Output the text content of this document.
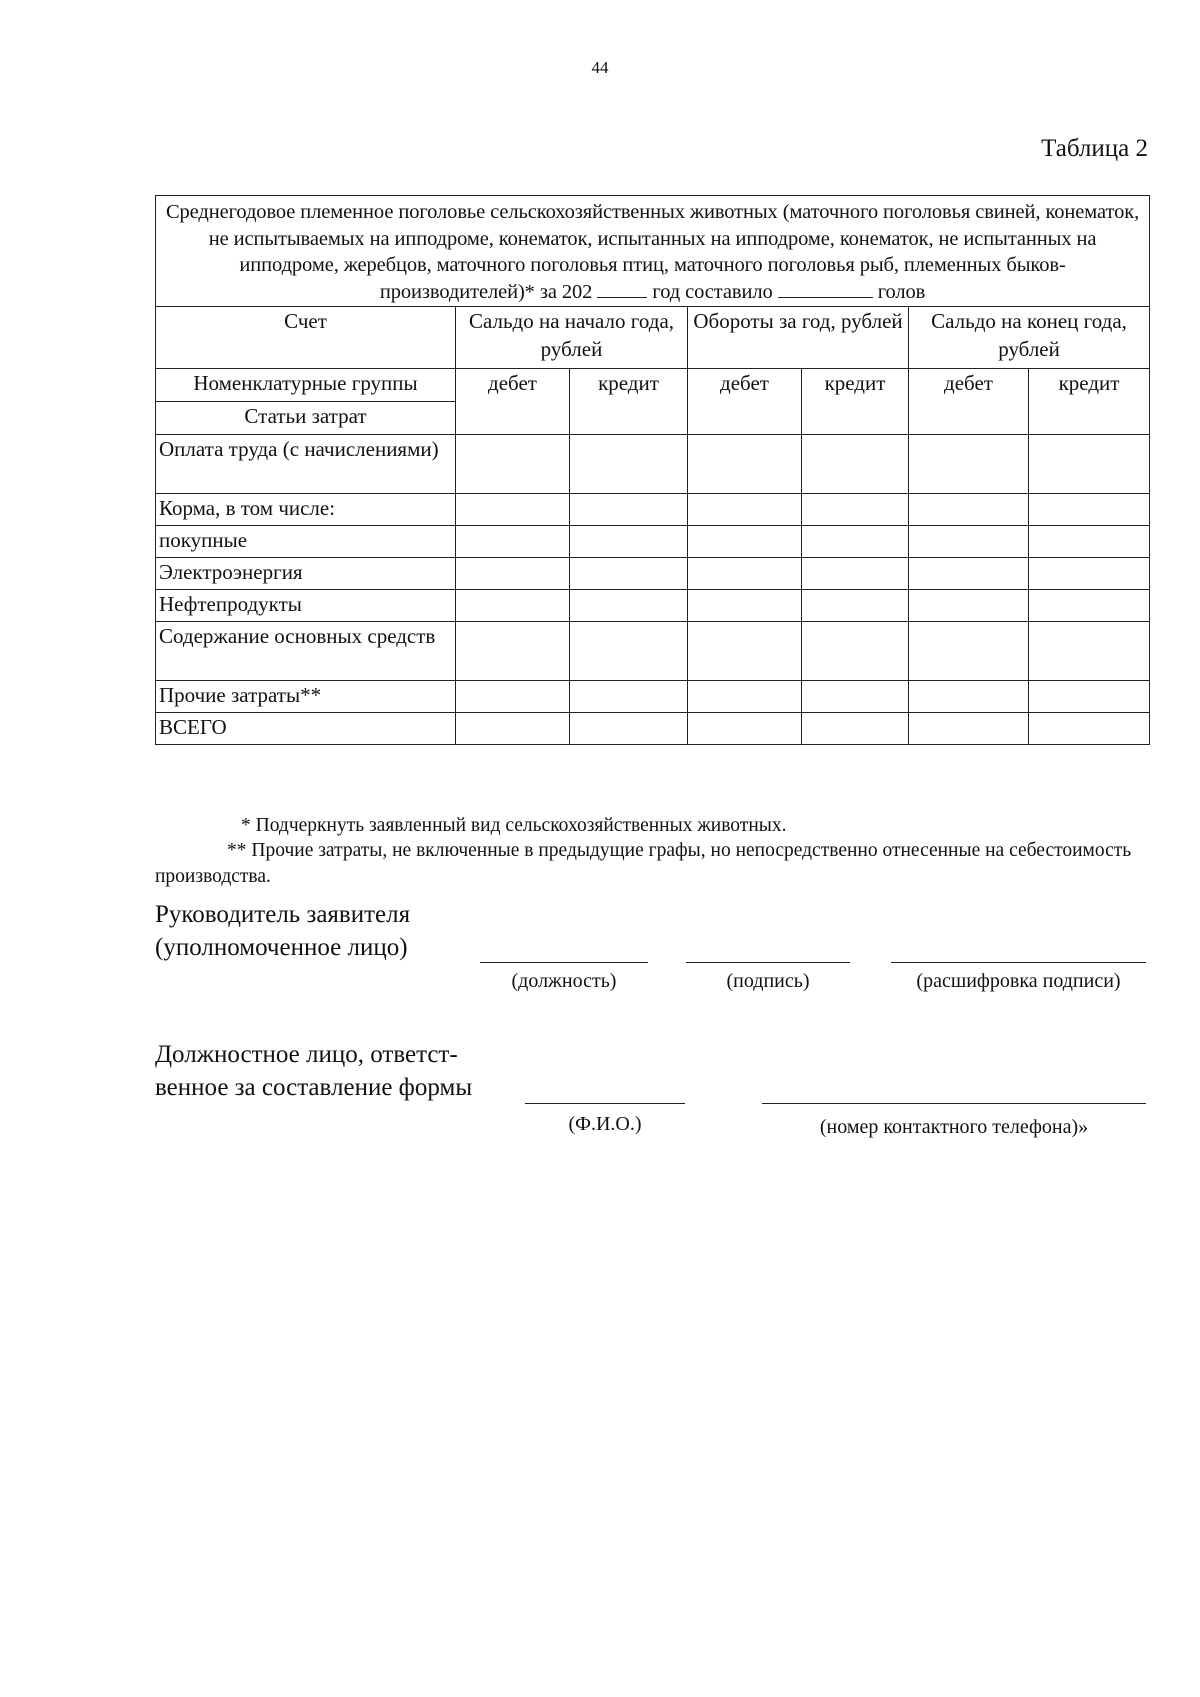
44
Таблица 2
Среднегодовое племенное поголовье сельскохозяйственных животных (маточного поголовья свиней, конематок, не испытываемых на ипподроме, конематок, испытанных на ипподроме, конематок, не испытанных на ипподроме, жеребцов, маточного поголовья птиц, маточного поголовья рыб, племенных быков-производителей)* за 202 год составило голов						
Счет	Сальдо на начало года, рублей		Обороты за год, рублей		Сальдо на конец года, рублей	
Номенклатурные группы	дебет	кредит	дебет	кредит	дебет	кредит
Статьи затрат						
Оплата труда (с начислениями)						
Корма, в том числе:						
покупные						
Электроэнергия						
Нефтепродукты						
Содержание основных средств						
Прочие затраты**						
ВСЕГО						
* Подчеркнуть заявленный вид сельскохозяйственных животных.
** Прочие затраты, не включенные в предыдущие графы, но непосредственно отнесенные на себестоимость производства.
Руководитель заявителя
(уполномоченное лицо)
(должность)	(подпись)	(расшифровка подписи)
Должностное лицо, ответст-
венное за составление формы
(Ф.И.О.)	(номер контактного телефона)»
